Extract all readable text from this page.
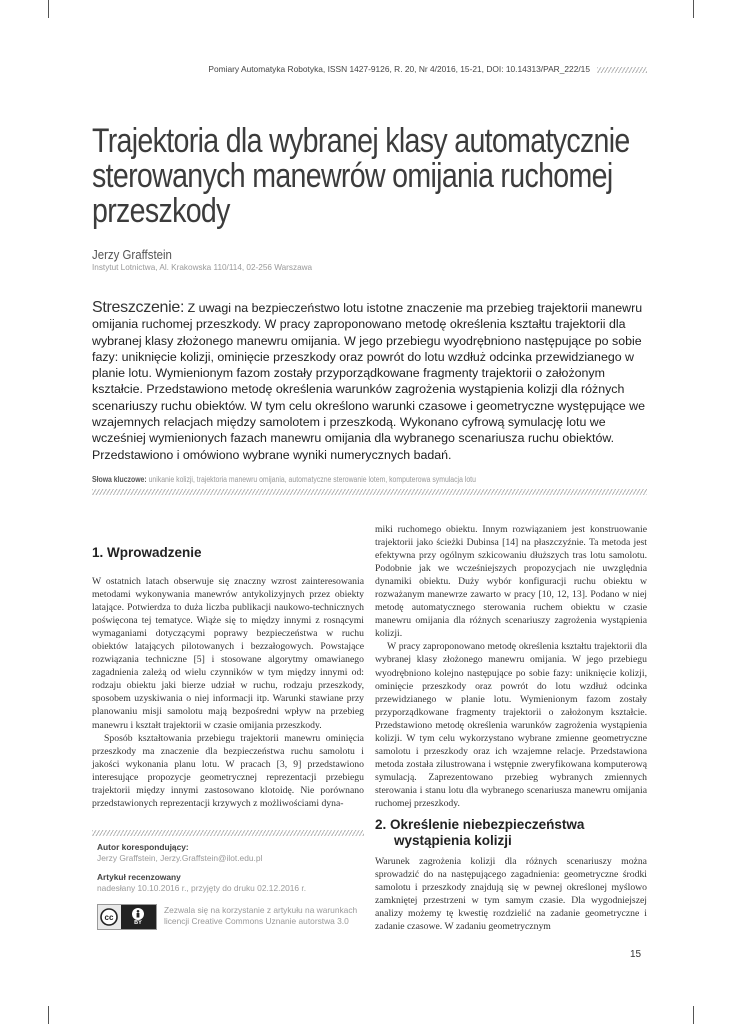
Pomiary Automatyka Robotyka, ISSN 1427-9126, R. 20, Nr 4/2016, 15-21, DOI: 10.14313/PAR_222/15
Trajektoria dla wybranej klasy automatycznie
sterowanych manewrów omijania ruchomej
przeszkody
Jerzy Graffstein
Instytut Lotnictwa, Al. Krakowska 110/114, 02-256 Warszawa
Streszczenie: Z uwagi na bezpieczeństwo lotu istotne znaczenie ma przebieg trajektorii manewru omijania ruchomej przeszkody. W pracy zaproponowano metodę określenia kształtu trajektorii dla wybranej klasy złożonego manewru omijania. W jego przebiegu wyodrębniono następujące po sobie fazy: uniknięcie kolizji, ominięcie przeszkody oraz powrót do lotu wzdłuż odcinka przewidzianego w planie lotu. Wymienionym fazom zostały przyporządkowane fragmenty trajektorii o założonym kształcie. Przedstawiono metodę określenia warunków zagrożenia wystąpienia kolizji dla różnych scenariuszy ruchu obiektów. W tym celu określono warunki czasowe i geometryczne występujące we wzajemnych relacjach między samolotem i przeszkodą. Wykonano cyfrową symulację lotu we wcześniej wymienionych fazach manewru omijania dla wybranego scenariusza ruchu obiektów. Przedstawiono i omówiono wybrane wyniki numerycznych badań.
Słowa kluczowe: unikanie kolizji, trajektoria manewru omijania, automatyczne sterowanie lotem, komputerowa symulacja lotu
1. Wprowadzenie

W ostatnich latach obserwuje się znaczny wzrost zainteresowania metodami wykonywania manewrów antykolizyjnych przez obiekty latające. Potwierdza to duża liczba publikacji naukowo-technicznych poświęcona tej tematyce. Wiąże się to między innymi z rosnącymi wymaganiami dotyczącymi poprawy bezpieczeństwa w ruchu obiektów latających pilotowanych i bezzałogowych. Powstające rozwiązania techniczne [5] i stosowane algorytmy omawianego zagadnienia zależą od wielu czynników w tym między innymi od: rodzaju obiektu jaki bierze udział w ruchu, rodzaju przeszkody, sposobem uzyskiwania o niej informacji itp. Warunki stawiane przy planowaniu misji samolotu mają bezpośredni wpływ na przebieg manewru i kształt trajektorii w czasie omijania przeszkody.

Sposób kształtowania przebiegu trajektorii manewru ominięcia przeszkody ma znaczenie dla bezpieczeństwa ruchu samolotu i jakości wykonania planu lotu. W pracach [3, 9] przedstawiono interesujące propozycje geometrycznej reprezentacji przebiegu trajektorii między innymi zastosowano klotoidę. Nie porównano przedstawionych reprezentacji krzywych z możliwościami dyna-

miki ruchomego obiektu. Innym rozwiązaniem jest konstruowanie trajektorii jako ścieżki Dubinsa [14] na płaszczyźnie. Ta metoda jest efektywna przy ogólnym szkicowaniu dłuższych tras lotu samolotu. Podobnie jak we wcześniejszych propozycjach nie uwzględnia dynamiki obiektu. Duży wybór konfiguracji ruchu obiektu w rozważanym manewrze zawarto w pracy [10, 12, 13]. Podano w niej metodę automatycznego sterowania ruchem obiektu w czasie manewru omijania dla różnych scenariuszy zagrożenia wystąpienia kolizji.

W pracy zaproponowano metodę określenia kształtu trajektorii dla wybranej klasy złożonego manewru omijania. W jego przebiegu wyodrębniono kolejno następujące po sobie fazy: uniknięcie kolizji, ominięcie przeszkody oraz powrót do lotu wzdłuż odcinka przewidzianego w planie lotu. Wymienionym fazom zostały przyporządkowane fragmenty trajektorii o założonym kształcie. Przedstawiono metodę określenia warunków zagrożenia wystąpienia kolizji. W tym celu wykorzystano wybrane zmienne geometryczne samolotu i przeszkody oraz ich wzajemne relacje. Przedstawiona metoda została zilustrowana i wstępnie zweryfikowana komputerową symulacją. Zaprezentowano przebieg wybranych zmiennych sterowania i stanu lotu dla wybranego scenariusza manewru omijania ruchomej przeszkody.

2. Określenie niebezpieczeństwa
wystąpienia kolizji

Warunek zagrożenia kolizji dla różnych scenariuszy można sprowadzić do na następującego zagadnienia: geometryczne środki samolotu i przeszkody znajdują się w pewnej określonej myślowo zamkniętej przestrzeni w tym samym czasie. Dla wygodniejszej analizy możemy tę kwestię rozdzielić na zadanie geometryczne i zadanie czasowe. W zadaniu geometrycznym

Autor korespondujący:
Jerzy Graffstein, Jerzy.Graffstein@ilot.edu.pl
Artykuł recenzowany
nadesłany 10.10.2016 r., przyjęty do druku 02.12.2016 r.
cc
BY
Zezwala się na korzystanie z artykułu na warunkach licencji Creative Commons Uznanie autorstwa 3.0
15
